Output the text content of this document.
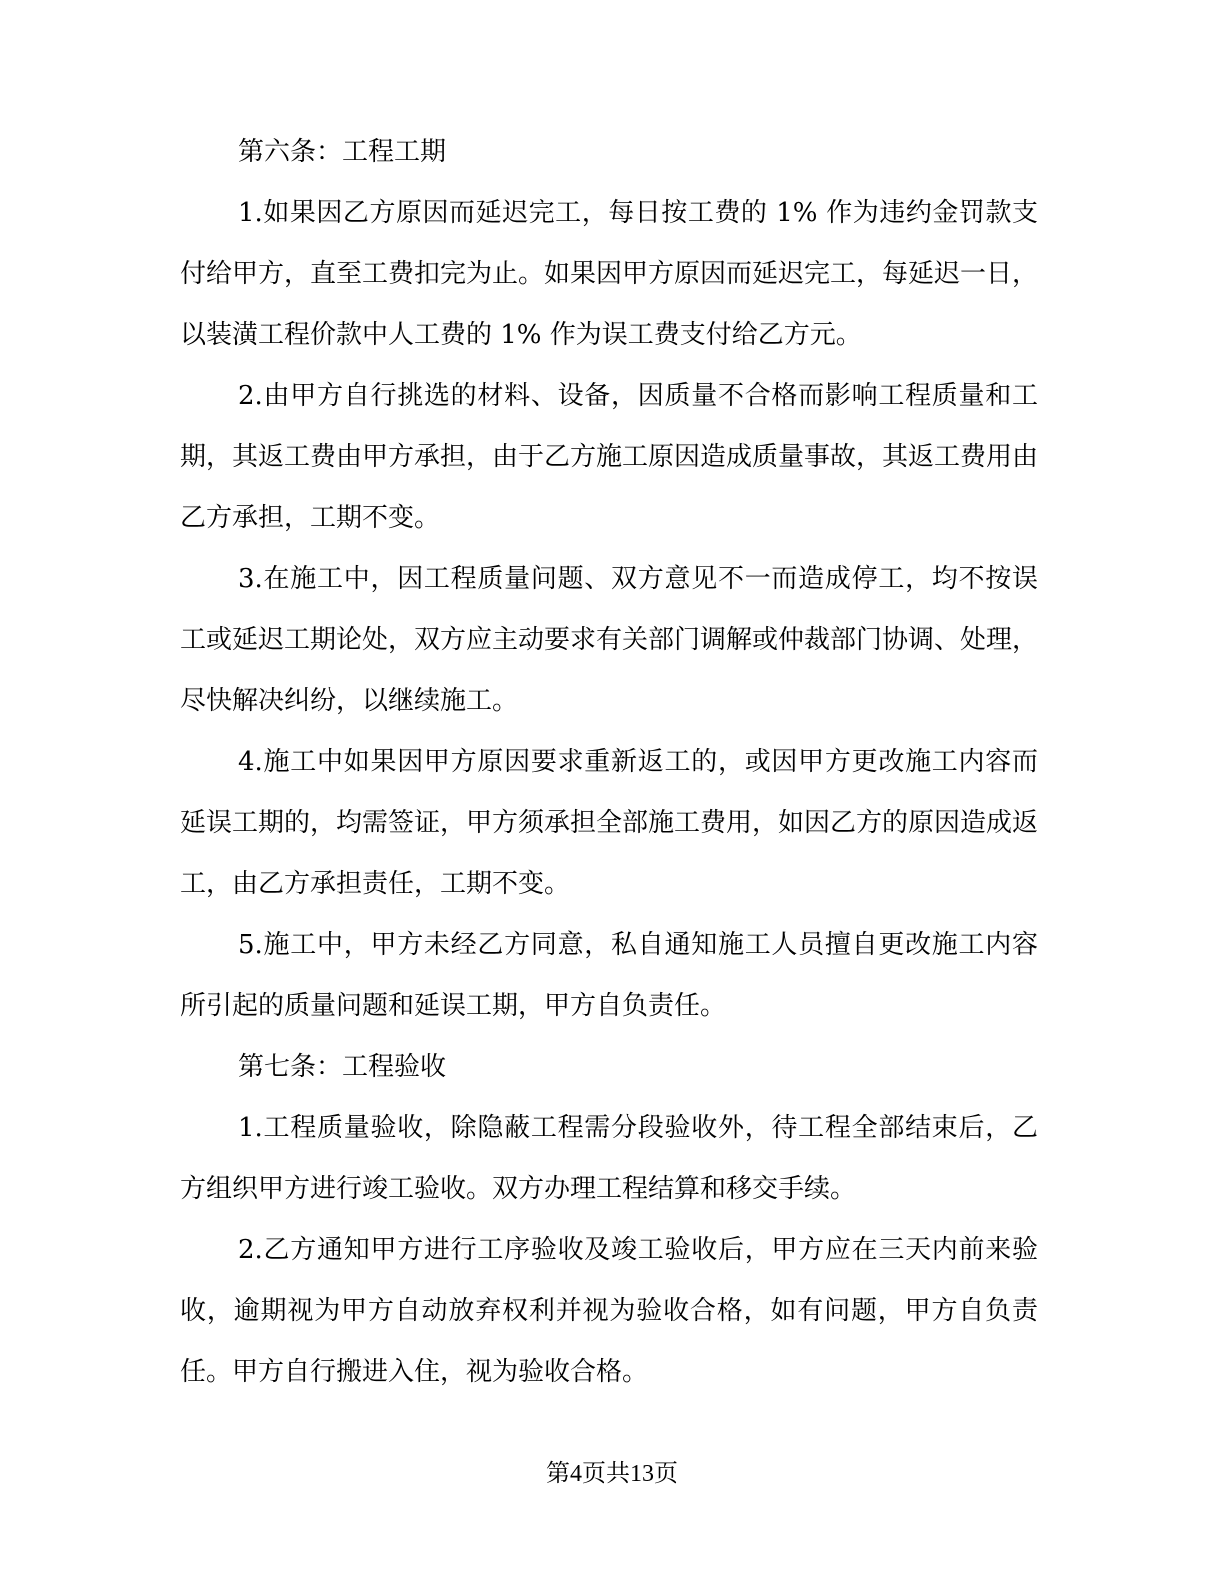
第六条：工程工期

1.如果因乙方原因而延迟完工，每日按工费的 1% 作为违约金罚款支付给甲方，直至工费扣完为止。如果因甲方原因而延迟完工，每延迟一日，以装潢工程价款中人工费的 1% 作为误工费支付给乙方元。

2.由甲方自行挑选的材料、设备，因质量不合格而影响工程质量和工期，其返工费由甲方承担，由于乙方施工原因造成质量事故，其返工费用由乙方承担，工期不变。

3.在施工中，因工程质量问题、双方意见不一而造成停工，均不按误工或延迟工期论处，双方应主动要求有关部门调解或仲裁部门协调、处理，尽快解决纠纷，以继续施工。

4.施工中如果因甲方原因要求重新返工的，或因甲方更改施工内容而延误工期的，均需签证，甲方须承担全部施工费用，如因乙方的原因造成返工，由乙方承担责任，工期不变。

5.施工中，甲方未经乙方同意，私自通知施工人员擅自更改施工内容所引起的质量问题和延误工期，甲方自负责任。

第七条：工程验收

1.工程质量验收，除隐蔽工程需分段验收外，待工程全部结束后，乙方组织甲方进行竣工验收。双方办理工程结算和移交手续。

2.乙方通知甲方进行工序验收及竣工验收后，甲方应在三天内前来验收，逾期视为甲方自动放弃权利并视为验收合格，如有问题，甲方自负责任。甲方自行搬进入住，视为验收合格。

第4页共13页
